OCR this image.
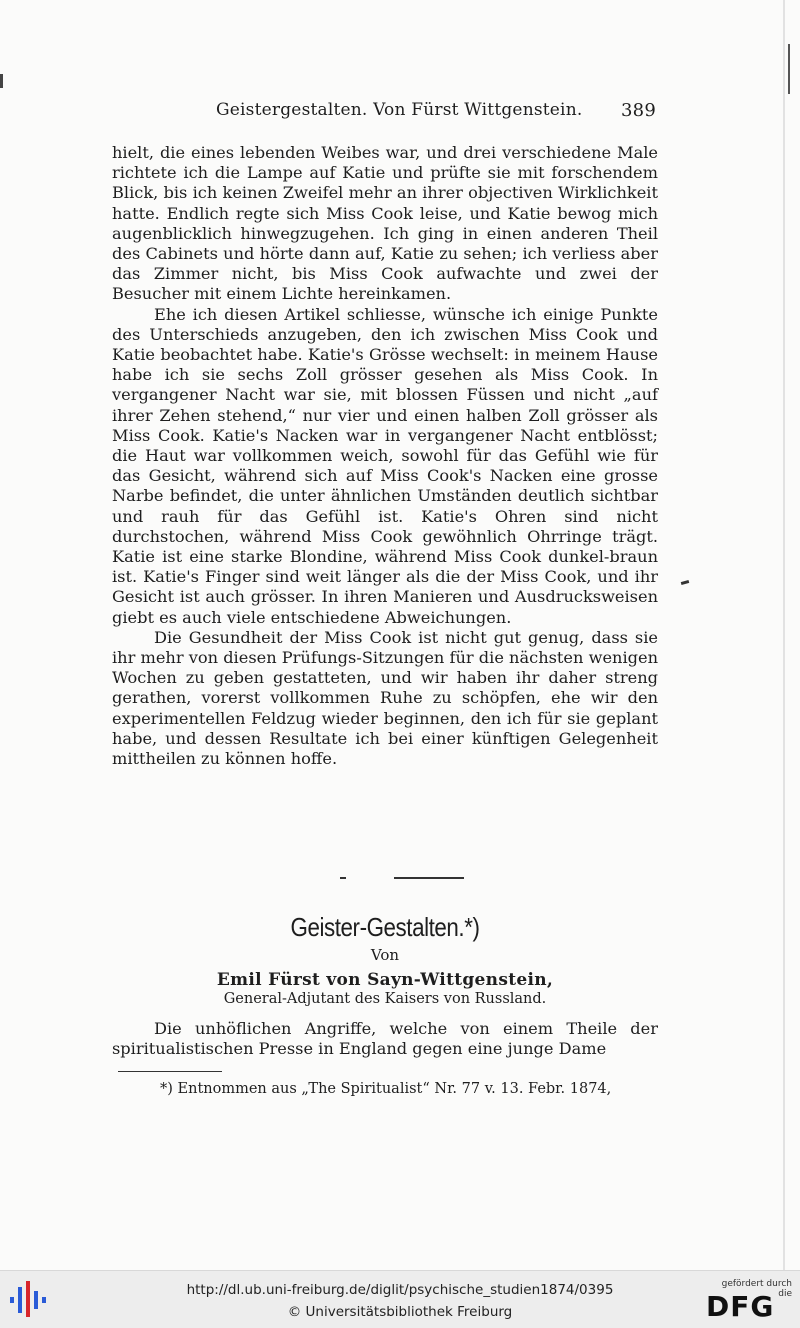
Geistergestalten. Von Fürst Wittgenstein. 389

hielt, die eines lebenden Weibes war, und drei verschiedene Male richtete ich die Lampe auf Katie und prüfte sie mit forschendem Blick, bis ich keinen Zweifel mehr an ihrer objectiven Wirklichkeit hatte. Endlich regte sich Miss Cook leise, und Katie bewog mich augenblicklich hinwegzugehen. Ich ging in einen anderen Theil des Cabinets und hörte dann auf, Katie zu sehen; ich verliess aber das Zimmer nicht, bis Miss Cook aufwachte und zwei der Besucher mit einem Lichte hereinkamen.

Ehe ich diesen Artikel schliesse, wünsche ich einige Punkte des Unterschieds anzugeben, den ich zwischen Miss Cook und Katie beobachtet habe. Katie's Grösse wechselt: in meinem Hause habe ich sie sechs Zoll grösser gesehen als Miss Cook. In vergangener Nacht war sie, mit blossen Füssen und nicht „auf ihrer Zehen stehend,“ nur vier und einen halben Zoll grösser als Miss Cook. Katie's Nacken war in vergangener Nacht entblösst; die Haut war vollkommen weich, sowohl für das Gefühl wie für das Gesicht, während sich auf Miss Cook's Nacken eine grosse Narbe befindet, die unter ähnlichen Umständen deutlich sichtbar und rauh für das Gefühl ist. Katie's Ohren sind nicht durchstochen, während Miss Cook gewöhnlich Ohrringe trägt. Katie ist eine starke Blondine, während Miss Cook dunkel-braun ist. Katie's Finger sind weit länger als die der Miss Cook, und ihr Gesicht ist auch grösser. In ihren Manieren und Ausdrucksweisen giebt es auch viele entschiedene Abweichungen.

Die Gesundheit der Miss Cook ist nicht gut genug, dass sie ihr mehr von diesen Prüfungs-Sitzungen für die nächsten wenigen Wochen zu geben gestatteten, und wir haben ihr daher streng gerathen, vorerst vollkommen Ruhe zu schöpfen, ehe wir den experimentellen Feldzug wieder beginnen, den ich für sie geplant habe, und dessen Resultate ich bei einer künftigen Gelegenheit mittheilen zu können hoffe.

Geister-Gestalten.*)
Von
Emil Fürst von Sayn-Wittgenstein,
General-Adjutant des Kaisers von Russland.

Die unhöflichen Angriffe, welche von einem Theile der spiritualistischen Presse in England gegen eine junge Dame

*) Entnommen aus „The Spiritualist“ Nr. 77 v. 13. Febr. 1874,
http://dl.ub.uni-freiburg.de/diglit/psychische_studien1874/0395
© Universitätsbibliothek Freiburg
gefördert durch die
DFG
